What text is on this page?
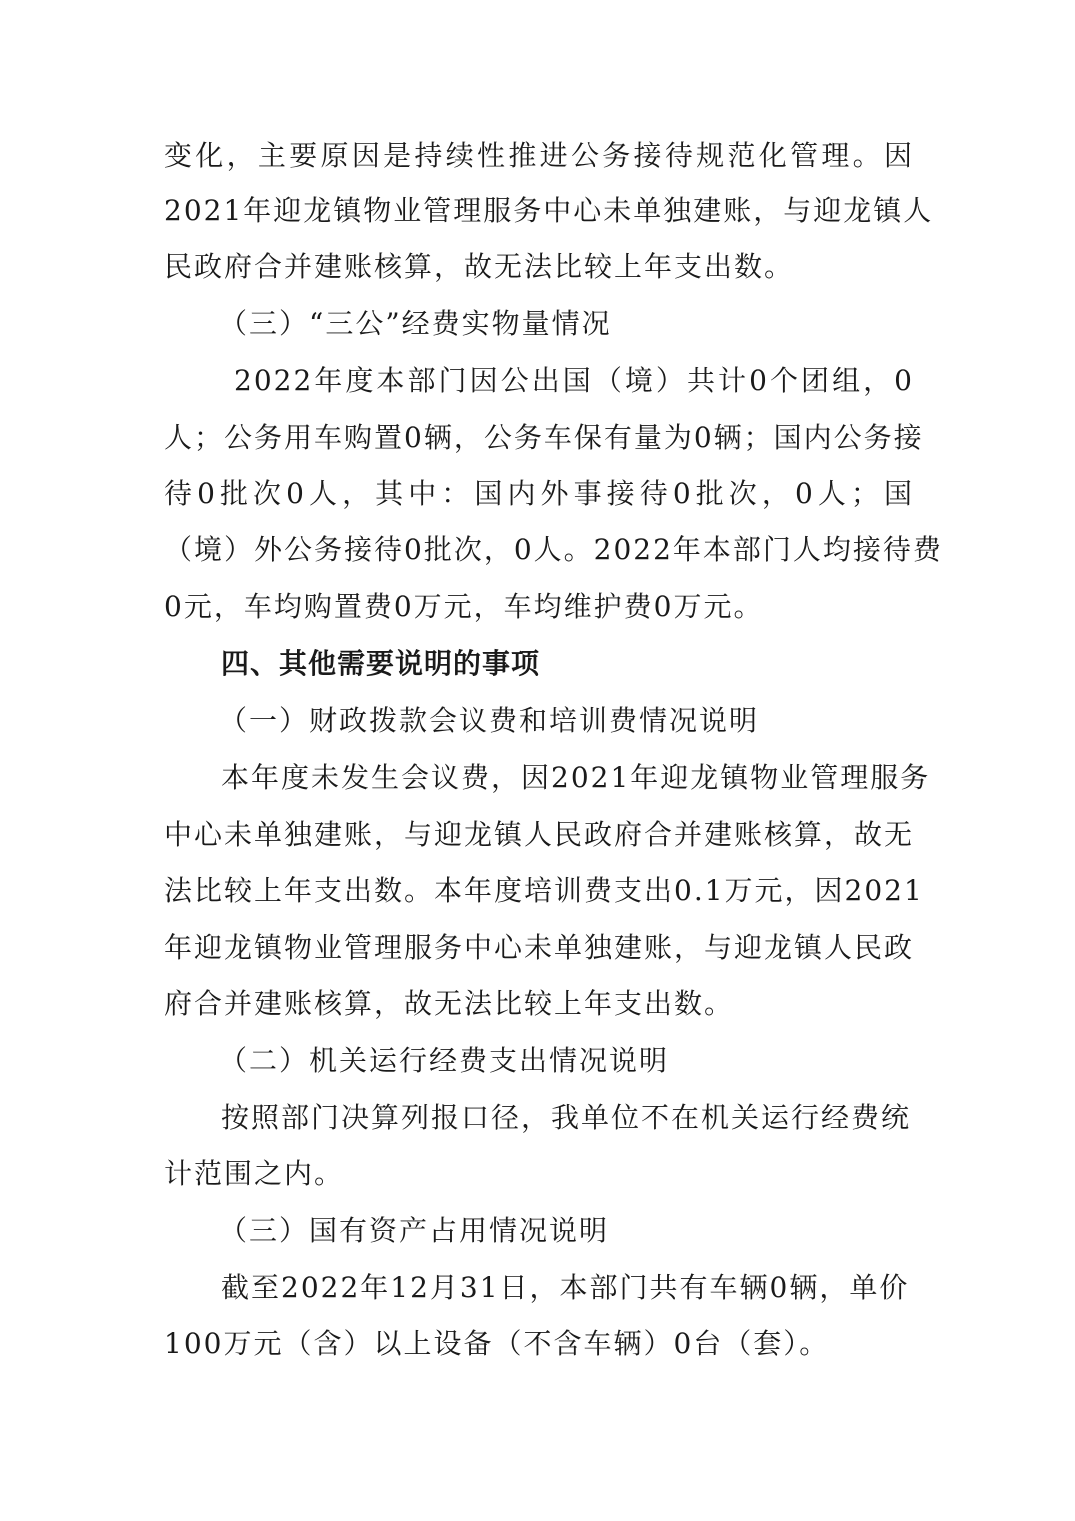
变化，主要原因是持续性推进公务接待规范化管理。因
2021年迎龙镇物业管理服务中心未单独建账，与迎龙镇人
民政府合并建账核算，故无法比较上年支出数。
（三）“三公”经费实物量情况
2022年度本部门因公出国（境）共计0个团组，0
人；公务用车购置0辆，公务车保有量为0辆；国内公务接
待0批次0人，其中：国内外事接待0批次，0人；国
（境）外公务接待0批次，0人。2022年本部门人均接待费
0元，车均购置费0万元，车均维护费0万元。
四、其他需要说明的事项
（一）财政拨款会议费和培训费情况说明
本年度未发生会议费，因2021年迎龙镇物业管理服务
中心未单独建账，与迎龙镇人民政府合并建账核算，故无
法比较上年支出数。本年度培训费支出0.1万元，因2021
年迎龙镇物业管理服务中心未单独建账，与迎龙镇人民政
府合并建账核算，故无法比较上年支出数。
（二）机关运行经费支出情况说明
按照部门决算列报口径，我单位不在机关运行经费统
计范围之内。
（三）国有资产占用情况说明
截至2022年12月31日，本部门共有车辆0辆，单价
100万元（含）以上设备（不含车辆）0台（套）。
